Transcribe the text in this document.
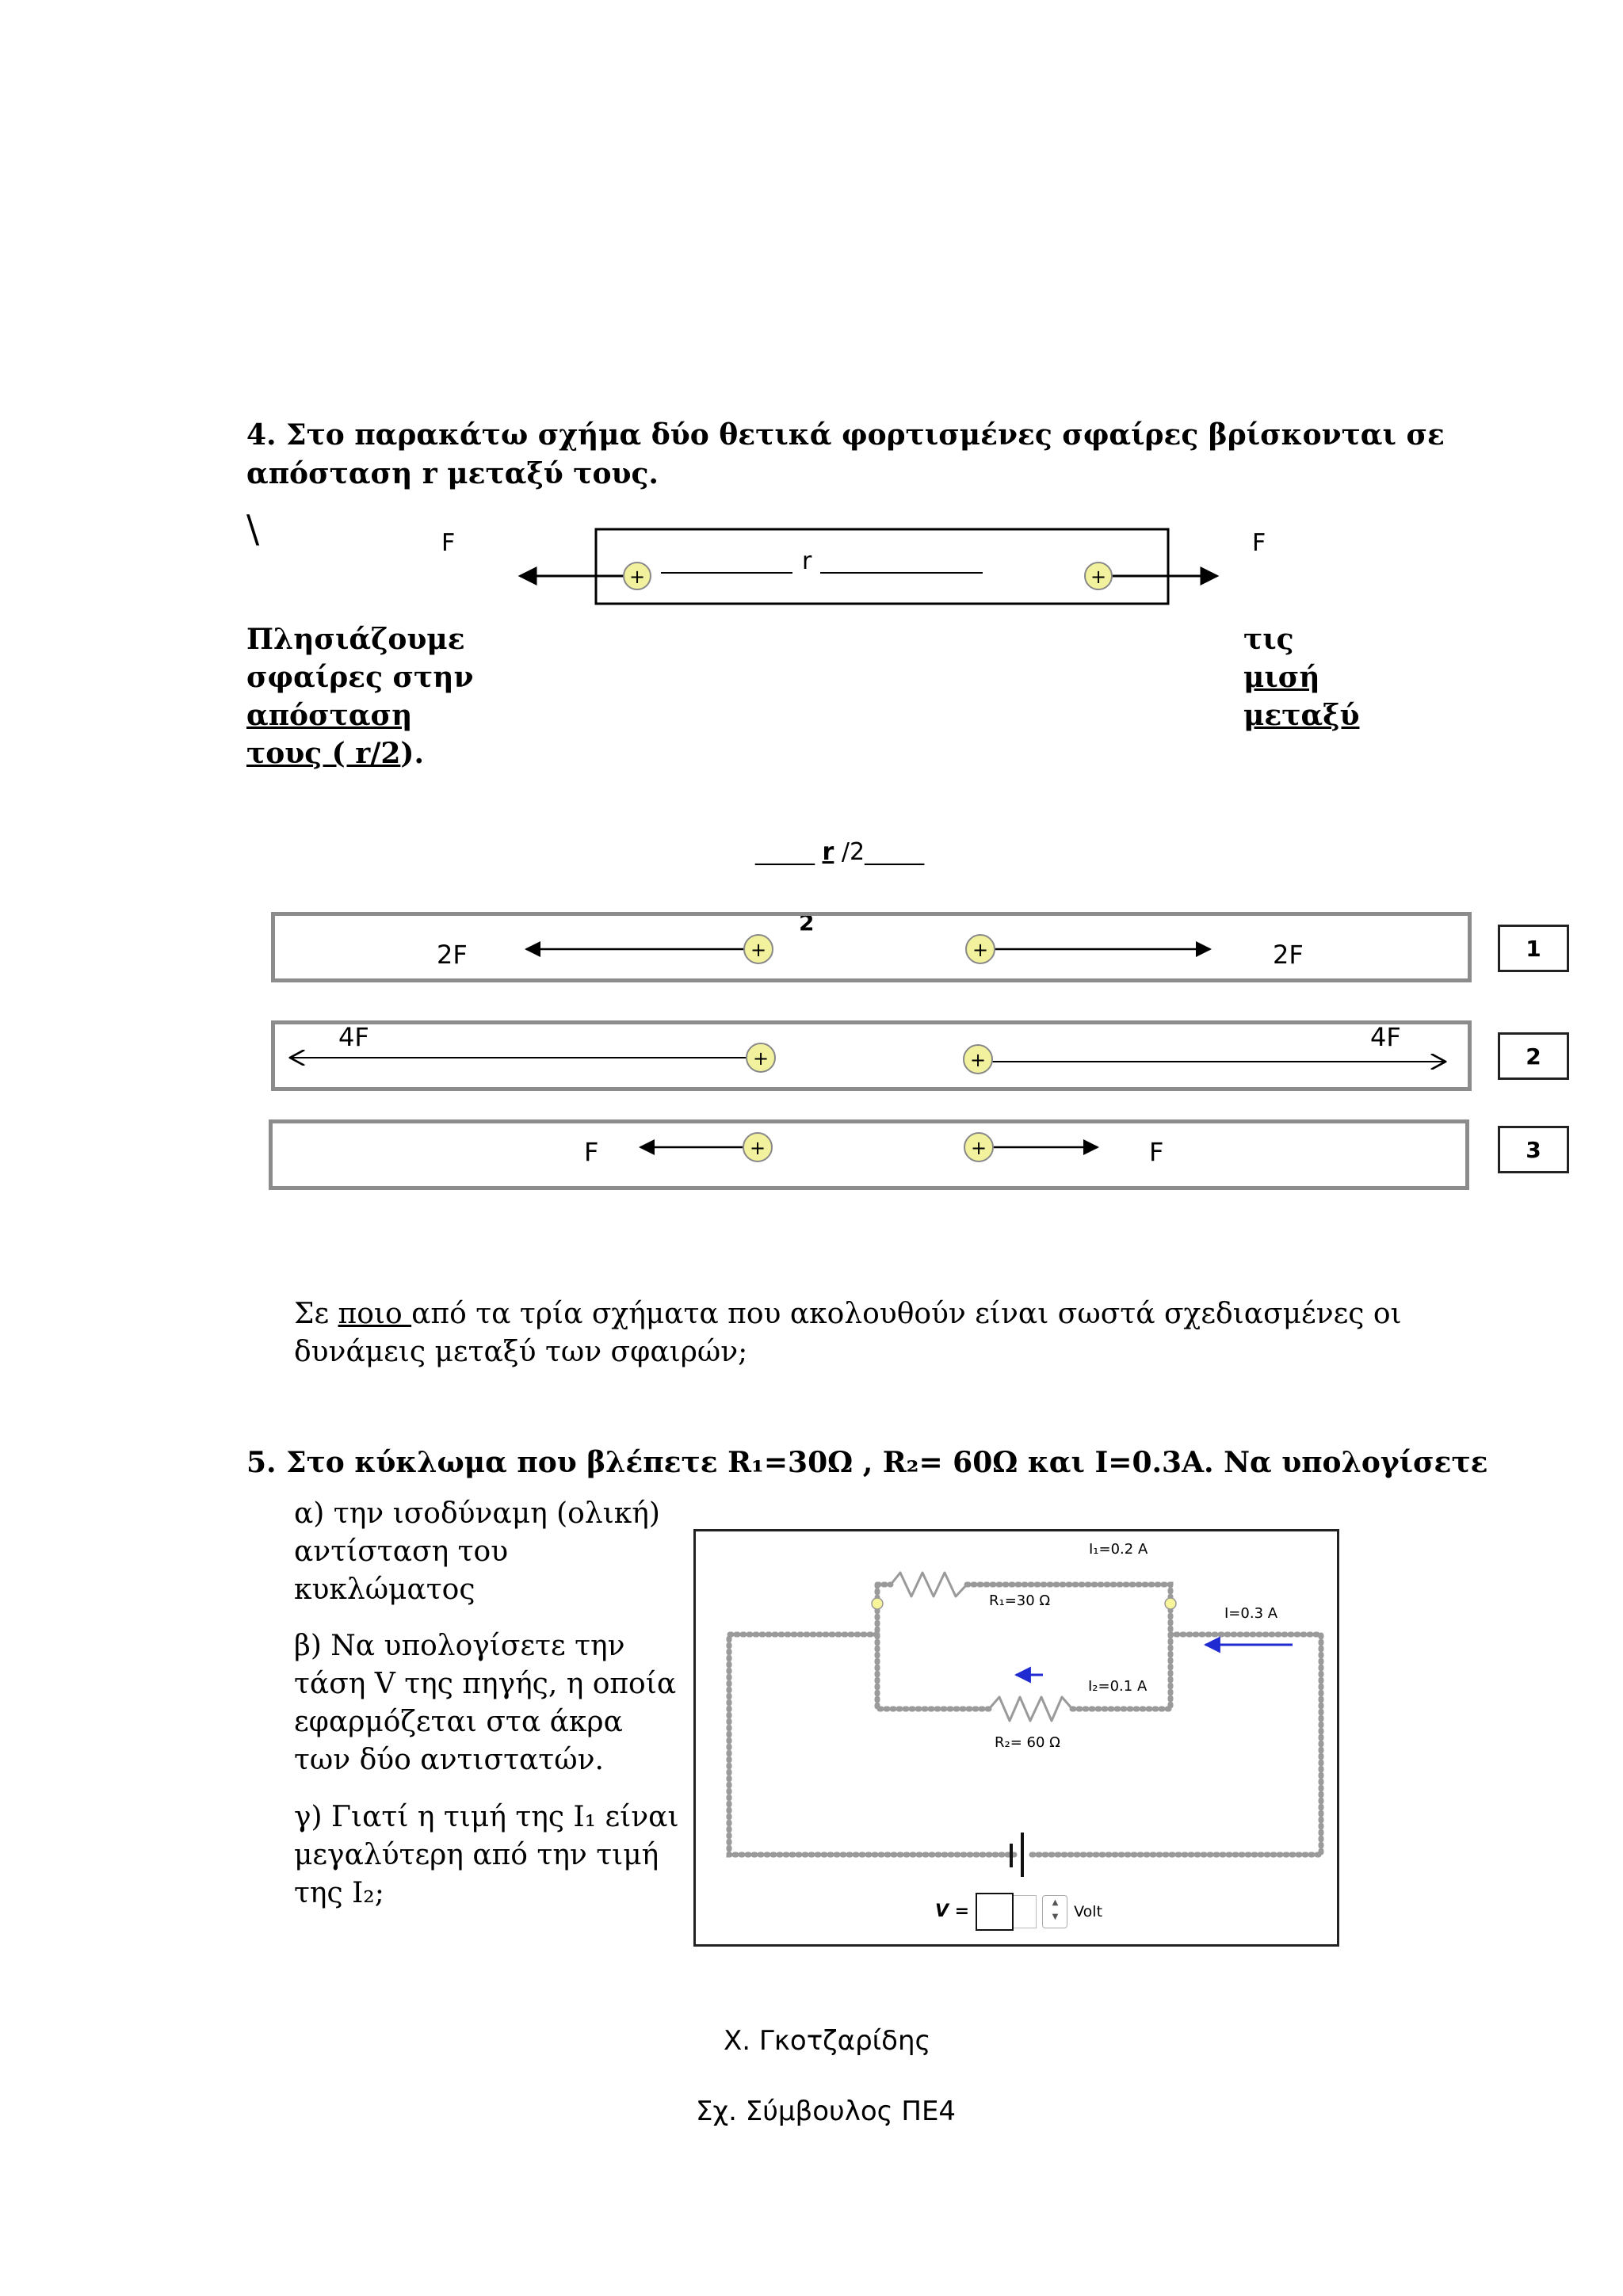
4. Στο παρακάτω σχήμα δύο θετικά φορτισμένες σφαίρες βρίσκονται σε
απόσταση r μεταξύ τους.
\
+	+
F	F
r
Πλησιάζουμε
σφαίρες στην
απόσταση
τους ( r/2).
τις
μισή
μεταξύ
_____ r /2_____
2
1
2
3
+	+
2F	2F
+	+
4F	4F
+	+
F	F
Σε ποιο από τα τρία σχήματα που ακολουθούν είναι σωστά σχεδιασμένες οι
δυνάμεις μεταξύ των σφαιρών;
5. Στο κύκλωμα που βλέπετε R₁=30Ω , R₂= 60Ω και I=0.3A. Να υπολογίσετε
α) την ισοδύναμη (ολική)
αντίσταση του
κυκλώματος
β) Να υπολογίσετε την
τάση V της πηγής, η οποία
εφαρμόζεται στα άκρα
των δύο αντιστατών.
γ) Γιατί η τιμή της I₁ είναι
μεγαλύτερη από την τιμή
της I₂;
I₁=0.2 A
R₁=30 Ω
I=0.3 A
I₂=0.1 A
R₂= 60 Ω
V =	▲
▼ Volt
Χ. Γκοτζαρίδης
Σχ. Σύμβουλος ΠΕ4
